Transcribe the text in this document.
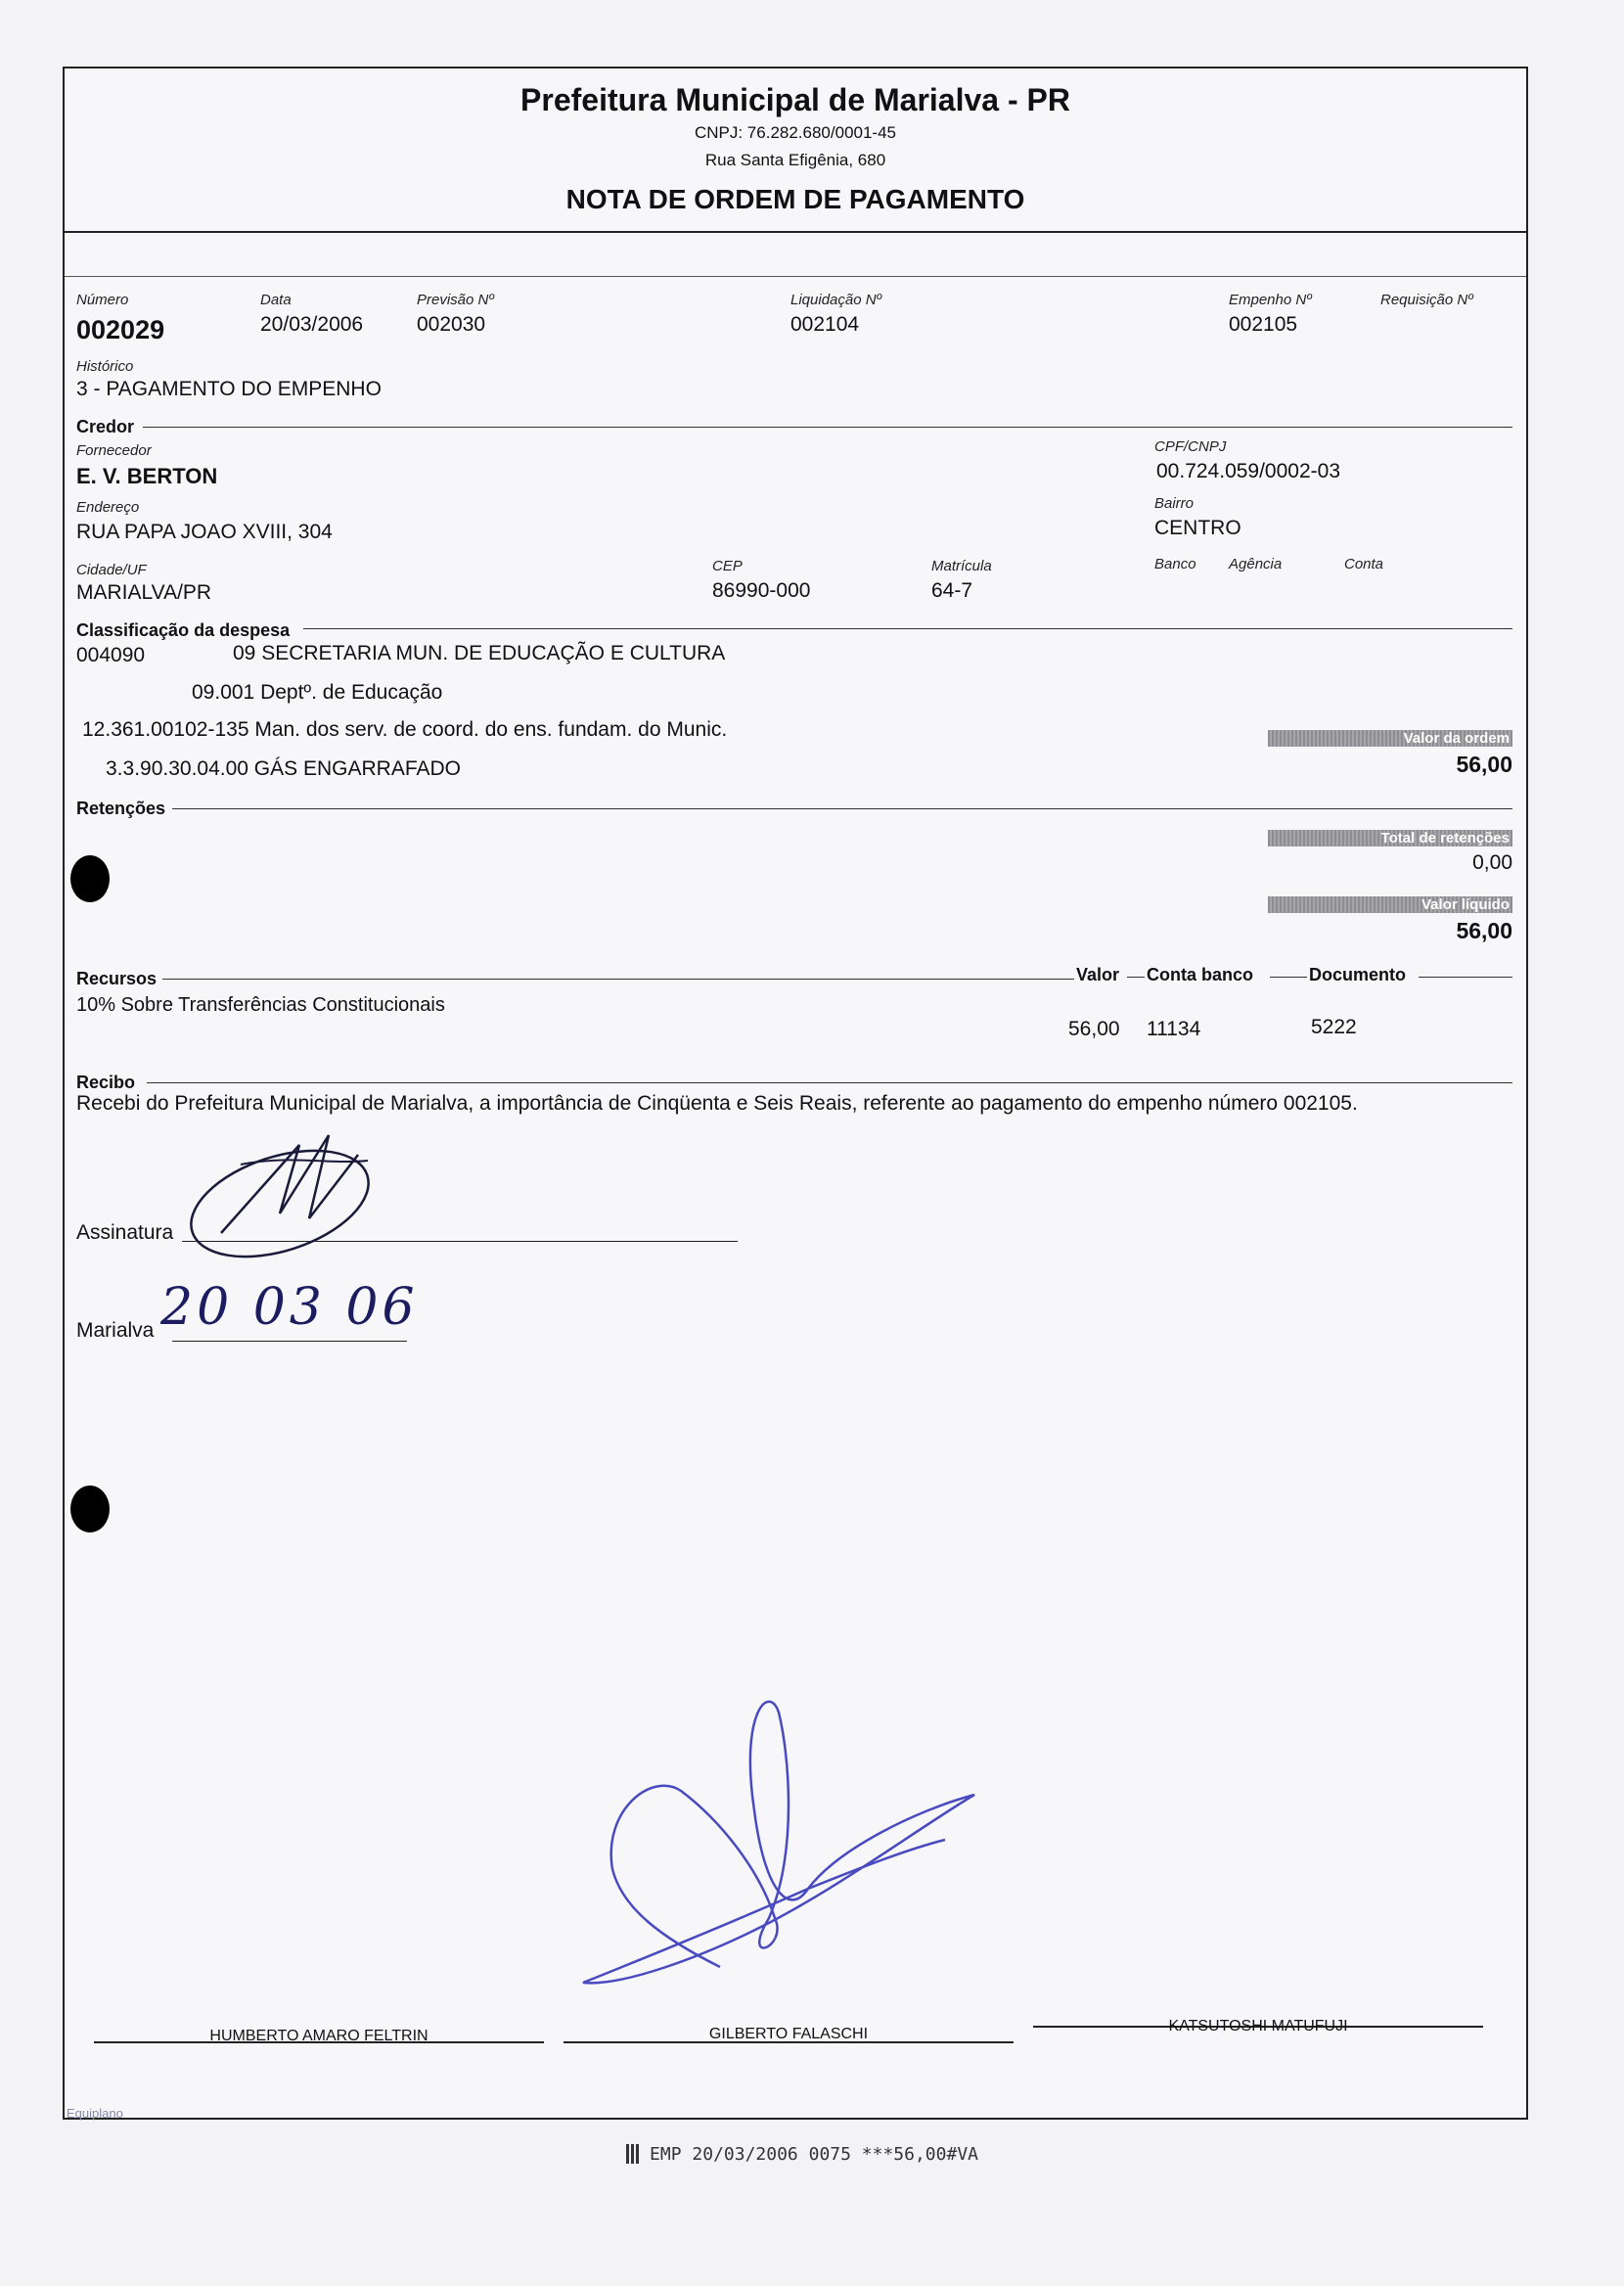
Prefeitura Municipal de Marialva - PR
CNPJ: 76.282.680/0001-45
Rua Santa Efigênia, 680
NOTA DE ORDEM DE PAGAMENTO
Número
002029
Data
20/03/2006
Previsão Nº
002030
Liquidação Nº
002104
Empenho Nº
002105
Requisição Nº
Histórico
3 - PAGAMENTO DO EMPENHO
Credor
Fornecedor
E. V. BERTON
CPF/CNPJ
00.724.059/0002-03
Endereço
RUA PAPA JOAO XVIII, 304
Bairro
CENTRO
Cidade/UF
MARIALVA/PR
CEP
86990-000
Matrícula
64-7
Banco Agência	Conta
Classificação da despesa
004090	09 SECRETARIA MUN. DE EDUCAÇÃO E CULTURA
09.001 Deptº. de Educação
12.361.00102-135 Man. dos serv. de coord. do ens. fundam. do Munic.
3.3.90.30.04.00 GÁS ENGARRAFADO
Valor da ordem
56,00
Retenções
Total de retenções
0,00
Valor líquido
56,00
Recursos	Valor Conta banco	Documento
10% Sobre Transferências Constitucionais
56,00 11134	5222
Recibo
Recebi do Prefeitura Municipal de Marialva, a importância de Cinqüenta e Seis Reais, referente ao pagamento do empenho número 002105.
Assinatura
Marialva 20 03 06
HUMBERTO AMARO FELTRIN	GILBERTO FALASCHI	KATSUTOSHI MATUFUJI
Equiplano
EMP 20/03/2006 0075 ***56,00#VA
